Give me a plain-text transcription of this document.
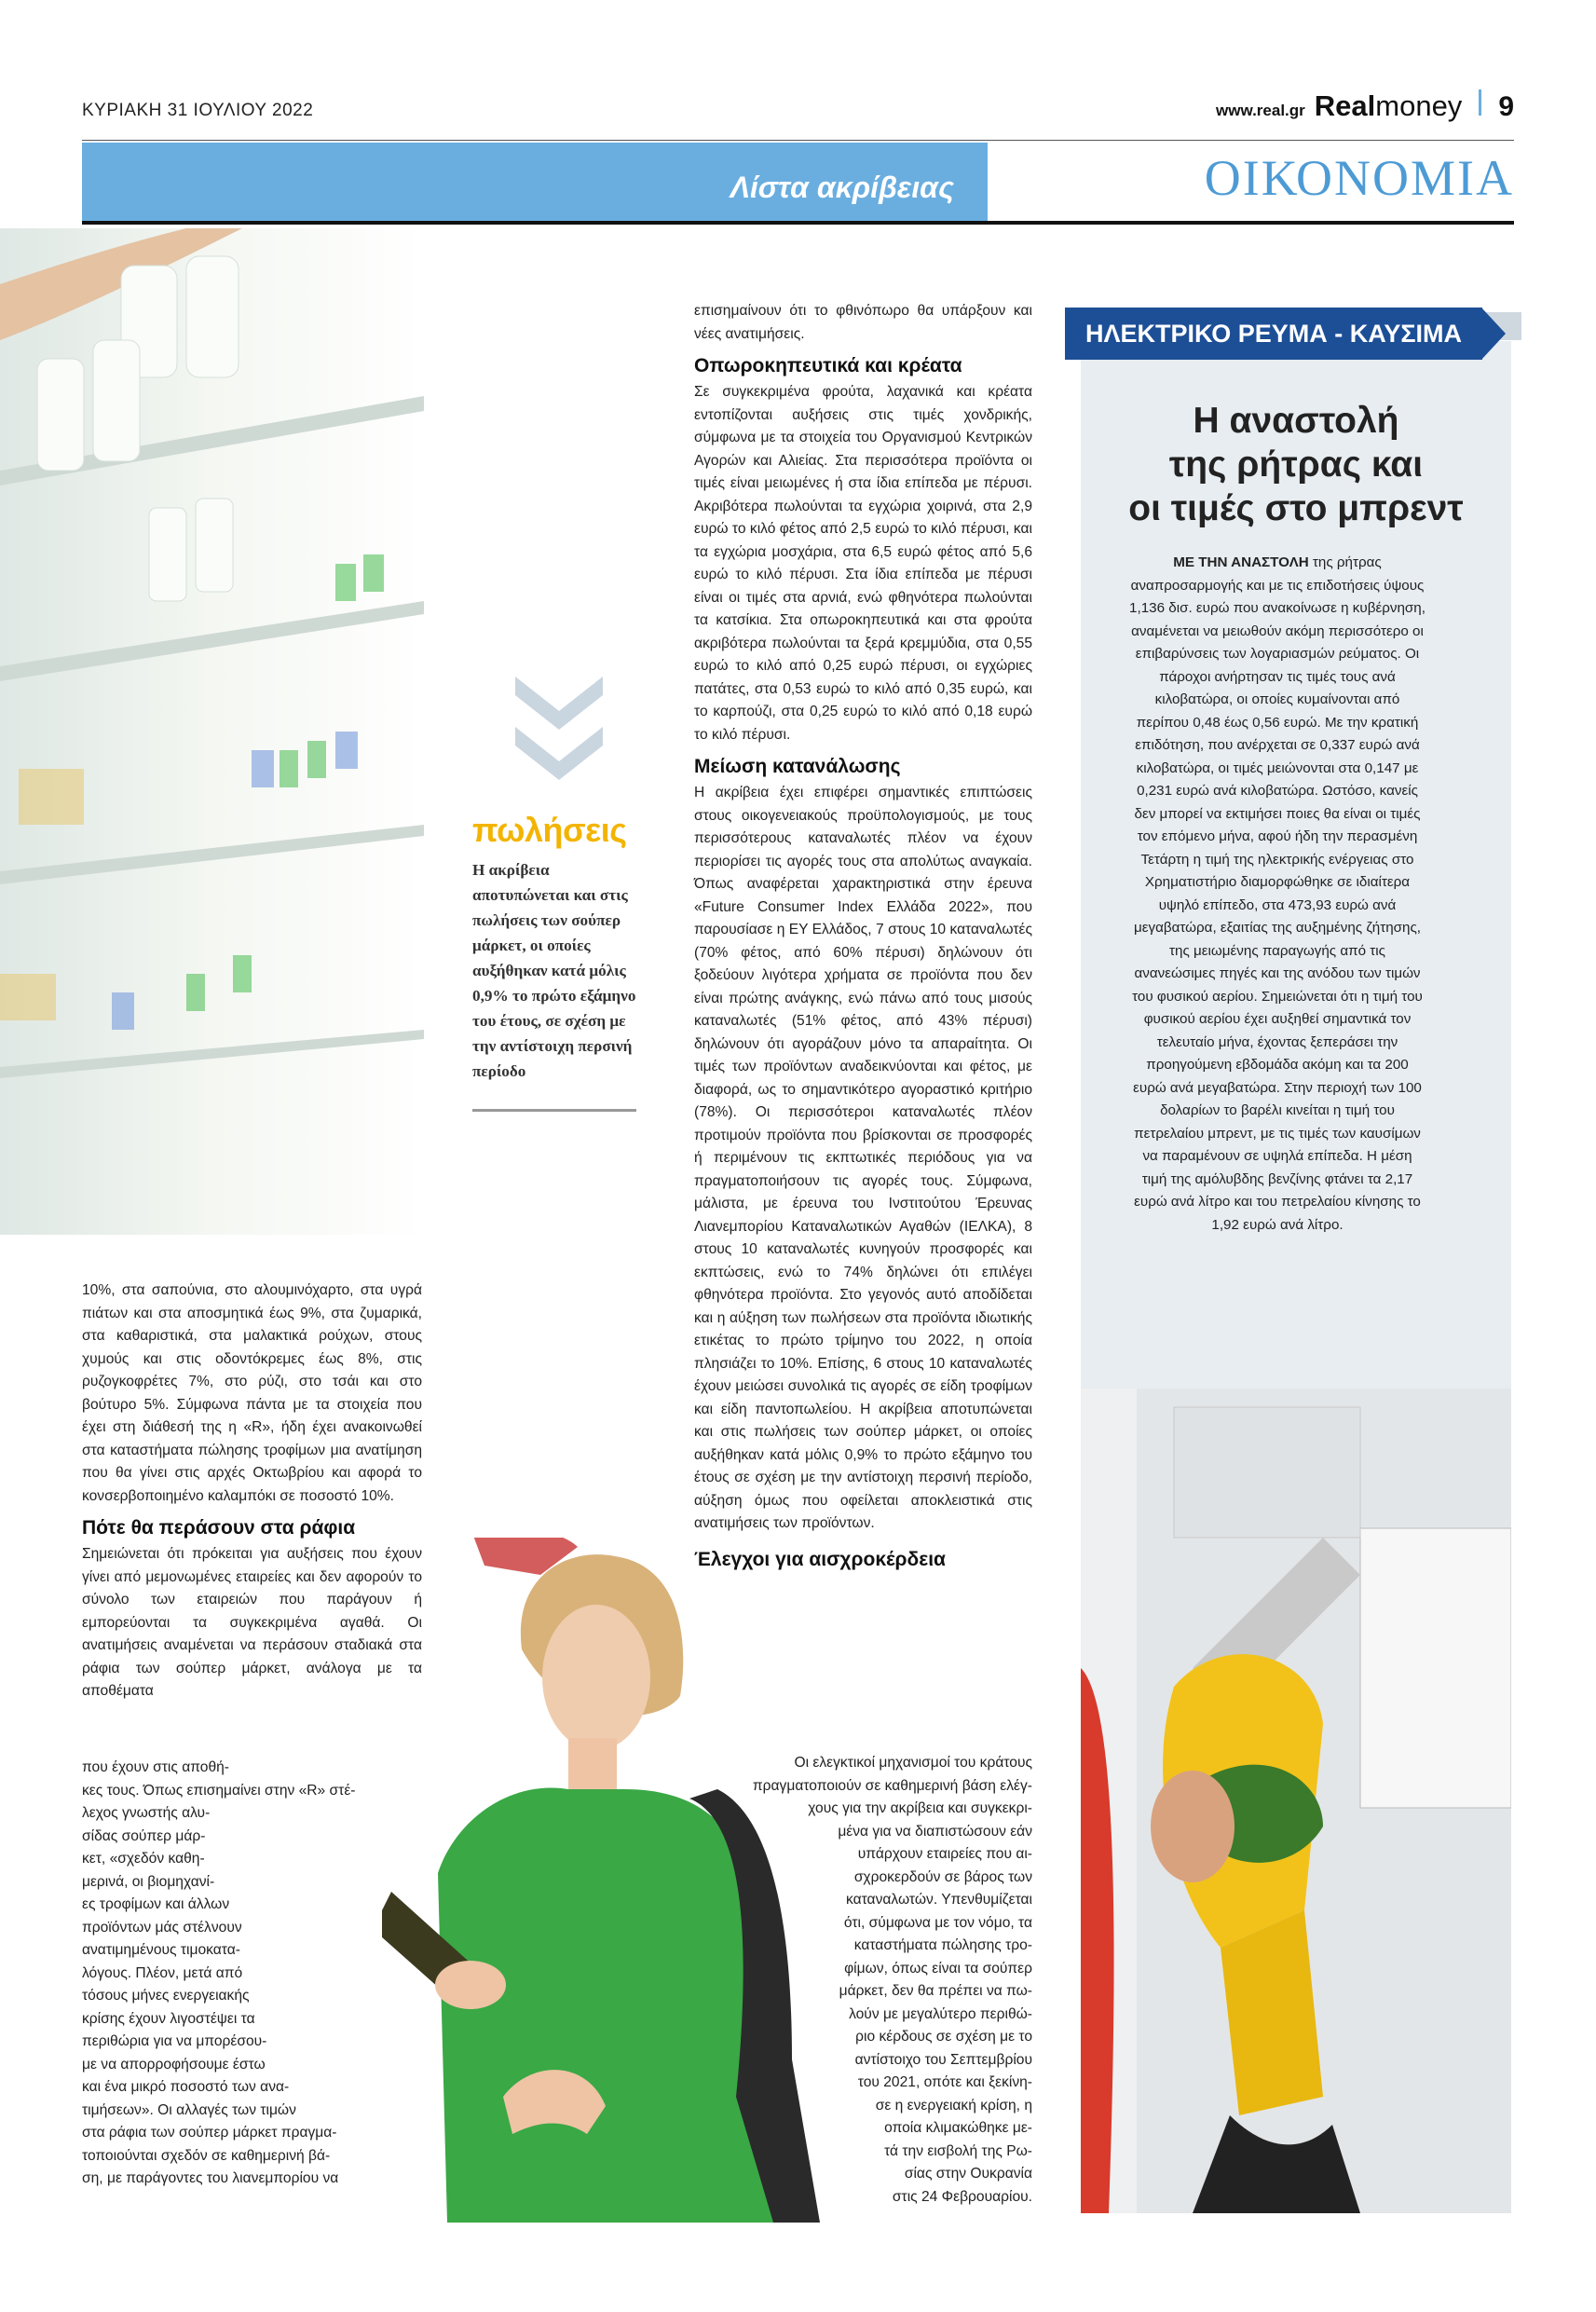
ΚΥΡΙΑΚΗ 31 ΙΟΥΛΙΟΥ 2022	www.real.gr Realmoney 9
Λίστα ακρίβειας	ΟΙΚΟΝΟΜΙΑ
πωλήσεις
Η ακρίβεια αποτυπώνεται και στις πωλήσεις των σούπερ μάρκετ, οι οποίες αυξήθηκαν κατά μόλις 0,9% το πρώτο εξάμηνο του έτους, σε σχέση με την αντίστοιχη περσινή περίοδο

10%, στα σαπούνια, στο αλουμινόχαρτο, στα υγρά πιάτων και στα αποσμητικά έως 9%, στα ζυμαρικά, στα καθαριστικά, στα μαλακτικά ρούχων, στους χυμούς και στις οδοντόκρεμες έως 8%, στις ρυζογκοφρέτες 7%, στο ρύζι, στο τσάι και στο βούτυρο 5%. Σύμφωνα πάντα με τα στοιχεία που έχει στη διάθεσή της η «R», ήδη έχει ανακοινωθεί στα καταστήματα πώλησης τροφίμων μια ανατίμηση που θα γίνει στις αρχές Οκτωβρίου και αφορά το κονσερβοποιημένο καλαμπόκι σε ποσοστό 10%.

Πότε θα περάσουν στα ράφια

Σημειώνεται ότι πρόκειται για αυξήσεις που έχουν γίνει από μεμονωμένες εταιρείες και δεν αφορούν το σύνολο των εταιρειών που παράγουν ή εμπορεύονται τα συγκεκριμένα αγαθά. Οι ανατιμήσεις αναμένεται να περάσουν σταδιακά στα ράφια των σούπερ μάρκετ, ανάλογα με τα αποθέματα

που έχουν στις αποθή-
κες τους. Όπως επισημαίνει στην «R» στέ-
λεχος γνωστής αλυ-
σίδας σούπερ μάρ-
κετ, «σχεδόν καθη-
μερινά, οι βιομηχανί-
ες τροφίμων και άλλων
προϊόντων μάς στέλνουν
ανατιμημένους τιμοκατα-
λόγους. Πλέον, μετά από
τόσους μήνες ενεργειακής
κρίσης έχουν λιγοστέψει τα
περιθώρια για να μπορέσου-
με να απορροφήσουμε έστω
και ένα μικρό ποσοστό των ανα-
τιμήσεων». Οι αλλαγές των τιμών
στα ράφια των σούπερ μάρκετ πραγμα-
τοποιούνται σχεδόν σε καθημερινή βά-
ση, με παράγοντες του λιανεμπορίου να

επισημαίνουν ότι το φθινόπωρο θα υπάρξουν και νέες ανατιμήσεις.

Οπωροκηπευτικά και κρέατα

Σε συγκεκριμένα φρούτα, λαχανικά και κρέατα εντοπίζονται αυξήσεις στις τιμές χονδρικής, σύμφωνα με τα στοιχεία του Οργανισμού Κεντρικών Αγορών και Αλιείας. Στα περισσότερα προϊόντα οι τιμές είναι μειωμένες ή στα ίδια επίπεδα με πέρυσι. Ακριβότερα πωλούνται τα εγχώρια χοιρινά, στα 2,9 ευρώ το κιλό φέτος από 2,5 ευρώ το κιλό πέρυσι, και τα εγχώρια μοσχάρια, στα 6,5 ευρώ φέτος από 5,6 ευρώ το κιλό πέρυσι. Στα ίδια επίπεδα με πέρυσι είναι οι τιμές στα αρνιά, ενώ φθηνότερα πωλούνται τα κατσίκια. Στα οπωροκηπευτικά και στα φρούτα ακριβότερα πωλούνται τα ξερά κρεμμύδια, στα 0,55 ευρώ το κιλό από 0,25 ευρώ πέρυσι, οι εγχώριες πατάτες, στα 0,53 ευρώ το κιλό από 0,35 ευρώ, και το καρπούζι, στα 0,25 ευρώ το κιλό από 0,18 ευρώ το κιλό πέρυσι.

Μείωση κατανάλωσης

Η ακρίβεια έχει επιφέρει σημαντικές επιπτώσεις στους οικογενειακούς προϋπολογισμούς, με τους περισσότερους καταναλωτές πλέον να έχουν περιορίσει τις αγορές τους στα απολύτως αναγκαία. Όπως αναφέρεται χαρακτηριστικά στην έρευνα «Future Consumer Index Ελλάδα 2022», που παρουσίασε η ΕΥ Ελλάδος, 7 στους 10 καταναλωτές (70% φέτος, από 60% πέρυσι) δηλώνουν ότι ξοδεύουν λιγότερα χρήματα σε προϊόντα που δεν είναι πρώτης ανάγκης, ενώ πάνω από τους μισούς καταναλωτές (51% φέτος, από 43% πέρυσι) δηλώνουν ότι αγοράζουν μόνο τα απαραίτητα. Οι τιμές των προϊόντων αναδεικνύονται και φέτος, με διαφορά, ως το σημαντικότερο αγοραστικό κριτήριο (78%). Οι περισσότεροι καταναλωτές πλέον προτιμούν προϊόντα που βρίσκονται σε προσφορές ή περιμένουν τις εκπτωτικές περιόδους για να πραγματοποιήσουν τις αγορές τους. Σύμφωνα, μάλιστα, με έρευνα του Ινστιτούτου Έρευνας Λιανεμπορίου Καταναλωτικών Αγαθών (ΙΕΛΚΑ), 8 στους 10 καταναλωτές κυνηγούν προσφορές και εκπτώσεις, ενώ το 74% δηλώνει ότι επιλέγει φθηνότερα προϊόντα. Στο γεγονός αυτό αποδίδεται και η αύξηση των πωλήσεων στα προϊόντα ιδιωτικής ετικέτας το πρώτο τρίμηνο του 2022, η οποία πλησιάζει το 10%. Επίσης, 6 στους 10 καταναλωτές έχουν μειώσει συνολικά τις αγορές σε είδη τροφίμων και είδη παντοπωλείου. Η ακρίβεια αποτυπώνεται και στις πωλήσεις των σούπερ μάρκετ, οι οποίες αυξήθηκαν κατά μόλις 0,9% το πρώτο εξάμηνο του έτους σε σχέση με την αντίστοιχη περσινή περίοδο, αύξηση όμως που οφείλεται αποκλειστικά στις ανατιμήσεις των προϊόντων.

Έλεγχοι για αισχροκέρδεια
Οι ελεγκτικοί μηχανισμοί του κράτους
πραγματοποιούν σε καθημερινή βάση ελέγ-
χους για την ακρίβεια και συγκεκρι-
μένα για να διαπιστώσουν εάν
υπάρχουν εταιρείες που αι-
σχροκερδούν σε βάρος των
καταναλωτών. Υπενθυμίζεται
ότι, σύμφωνα με τον νόμο, τα
καταστήματα πώλησης τρο-
φίμων, όπως είναι τα σούπερ
μάρκετ, δεν θα πρέπει να πω-
λούν με μεγαλύτερο περιθώ-
ριο κέρδους σε σχέση με το
αντίστοιχο του Σεπτεμβρίου
του 2021, οπότε και ξεκίνη-
σε η ενεργειακή κρίση, η
οποία κλιμακώθηκε με-
τά την εισβολή της Ρω-
σίας στην Ουκρανία
στις 24 Φεβρουαρίου.
ΗΛΕΚΤΡΙΚΟ ΡΕΥΜΑ - ΚΑΥΣΙΜΑ
Η αναστολή
της ρήτρας και
οι τιμές στο μπρεντ
ΜΕ ΤΗΝ ΑΝΑΣΤΟΛΗ της ρήτρας αναπροσαρμογής και με τις επιδοτήσεις ύψους 1,136 δισ. ευρώ που ανακοίνωσε η κυβέρνηση, αναμένεται να μειωθούν ακόμη περισσότερο οι επιβαρύνσεις των λογαριασμών ρεύματος. Οι πάροχοι ανήρτησαν τις τιμές τους ανά κιλοβατώρα, οι οποίες κυμαίνονται από περίπου 0,48 έως 0,56 ευρώ. Με την κρατική επιδότηση, που ανέρχεται σε 0,337 ευρώ ανά κιλοβατώρα, οι τιμές μειώνονται στα 0,147 με 0,231 ευρώ ανά κιλοβατώρα. Ωστόσο, κανείς δεν μπορεί να εκτιμήσει ποιες θα είναι οι τιμές τον επόμενο μήνα, αφού ήδη την περασμένη Τετάρτη η τιμή της ηλεκτρικής ενέργειας στο Χρηματιστήριο διαμορφώθηκε σε ιδιαίτερα υψηλό επίπεδο, στα 473,93 ευρώ ανά μεγαβατώρα, εξαιτίας της αυξημένης ζήτησης, της μειωμένης παραγωγής από τις ανανεώσιμες πηγές και της ανόδου των τιμών του φυσικού αερίου. Σημειώνεται ότι η τιμή του φυσικού αερίου έχει αυξηθεί σημαντικά τον τελευταίο μήνα, έχοντας ξεπεράσει την προηγούμενη εβδομάδα ακόμη και τα 200 ευρώ ανά μεγαβατώρα. Στην περιοχή των 100 δολαρίων το βαρέλι κινείται η τιμή του πετρελαίου μπρεντ, με τις τιμές των καυσίμων να παραμένουν σε υψηλά επίπεδα. Η μέση τιμή της αμόλυβδης βενζίνης φτάνει τα 2,17 ευρώ ανά λίτρο και του πετρελαίου κίνησης το 1,92 ευρώ ανά λίτρο.
